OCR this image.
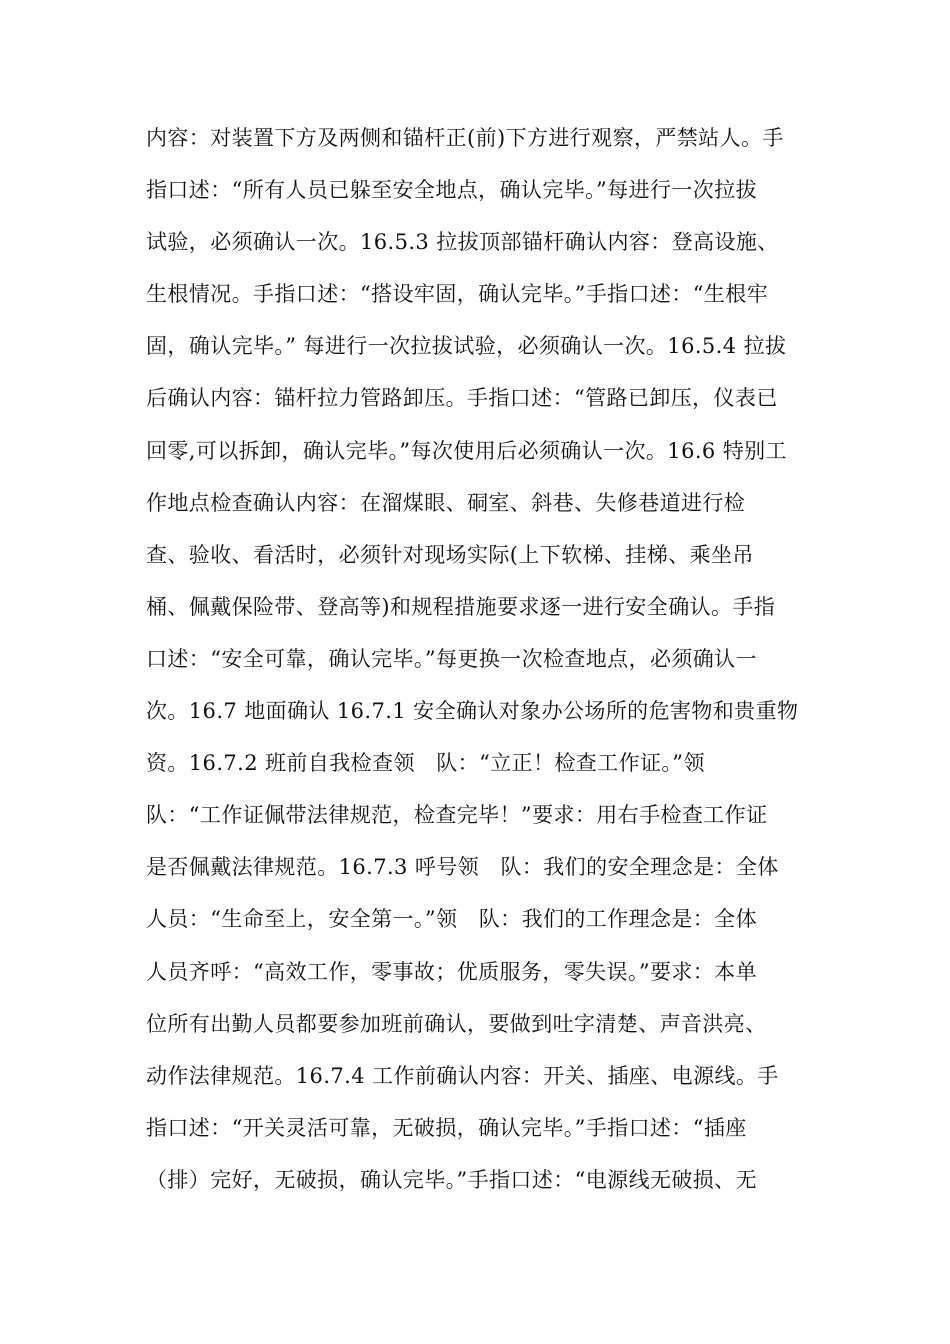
内容：对装置下方及两侧和锚杆正(前)下方进行观察，严禁站人。手
指口述：“所有人员已躲至安全地点，确认完毕。”每进行一次拉拔
试验，必须确认一次。16.5.3 拉拔顶部锚杆确认内容：登高设施、
生根情况。手指口述：“搭设牢固，确认完毕。”手指口述：“生根牢
固，确认完毕。” 每进行一次拉拔试验，必须确认一次。16.5.4 拉拔
后确认内容：锚杆拉力管路卸压。手指口述：“管路已卸压，仪表已
回零,可以拆卸，确认完毕。”每次使用后必须确认一次。16.6 特别工
作地点检查确认内容：在溜煤眼、硐室、斜巷、失修巷道进行检
查、验收、看活时，必须针对现场实际(上下软梯、挂梯、乘坐吊
桶、佩戴保险带、登高等)和规程措施要求逐一进行安全确认。手指
口述：“安全可靠，确认完毕。”每更换一次检查地点，必须确认一
次。16.7 地面确认 16.7.1 安全确认对象办公场所的危害物和贵重物
资。16.7.2 班前自我检查领　队：“立正！检查工作证。”领
队：“工作证佩带法律规范，检查完毕！”要求：用右手检查工作证
是否佩戴法律规范。16.7.3 呼号领　队：我们的安全理念是：全体
人员：“生命至上，安全第一。”领　队：我们的工作理念是：全体
人员齐呼：“高效工作，零事故；优质服务，零失误。”要求：本单
位所有出勤人员都要参加班前确认，要做到吐字清楚、声音洪亮、
动作法律规范。16.7.4 工作前确认内容：开关、插座、电源线。手
指口述：“开关灵活可靠，无破损，确认完毕。”手指口述：“插座
（排）完好，无破损，确认完毕。”手指口述：“电源线无破损、无
